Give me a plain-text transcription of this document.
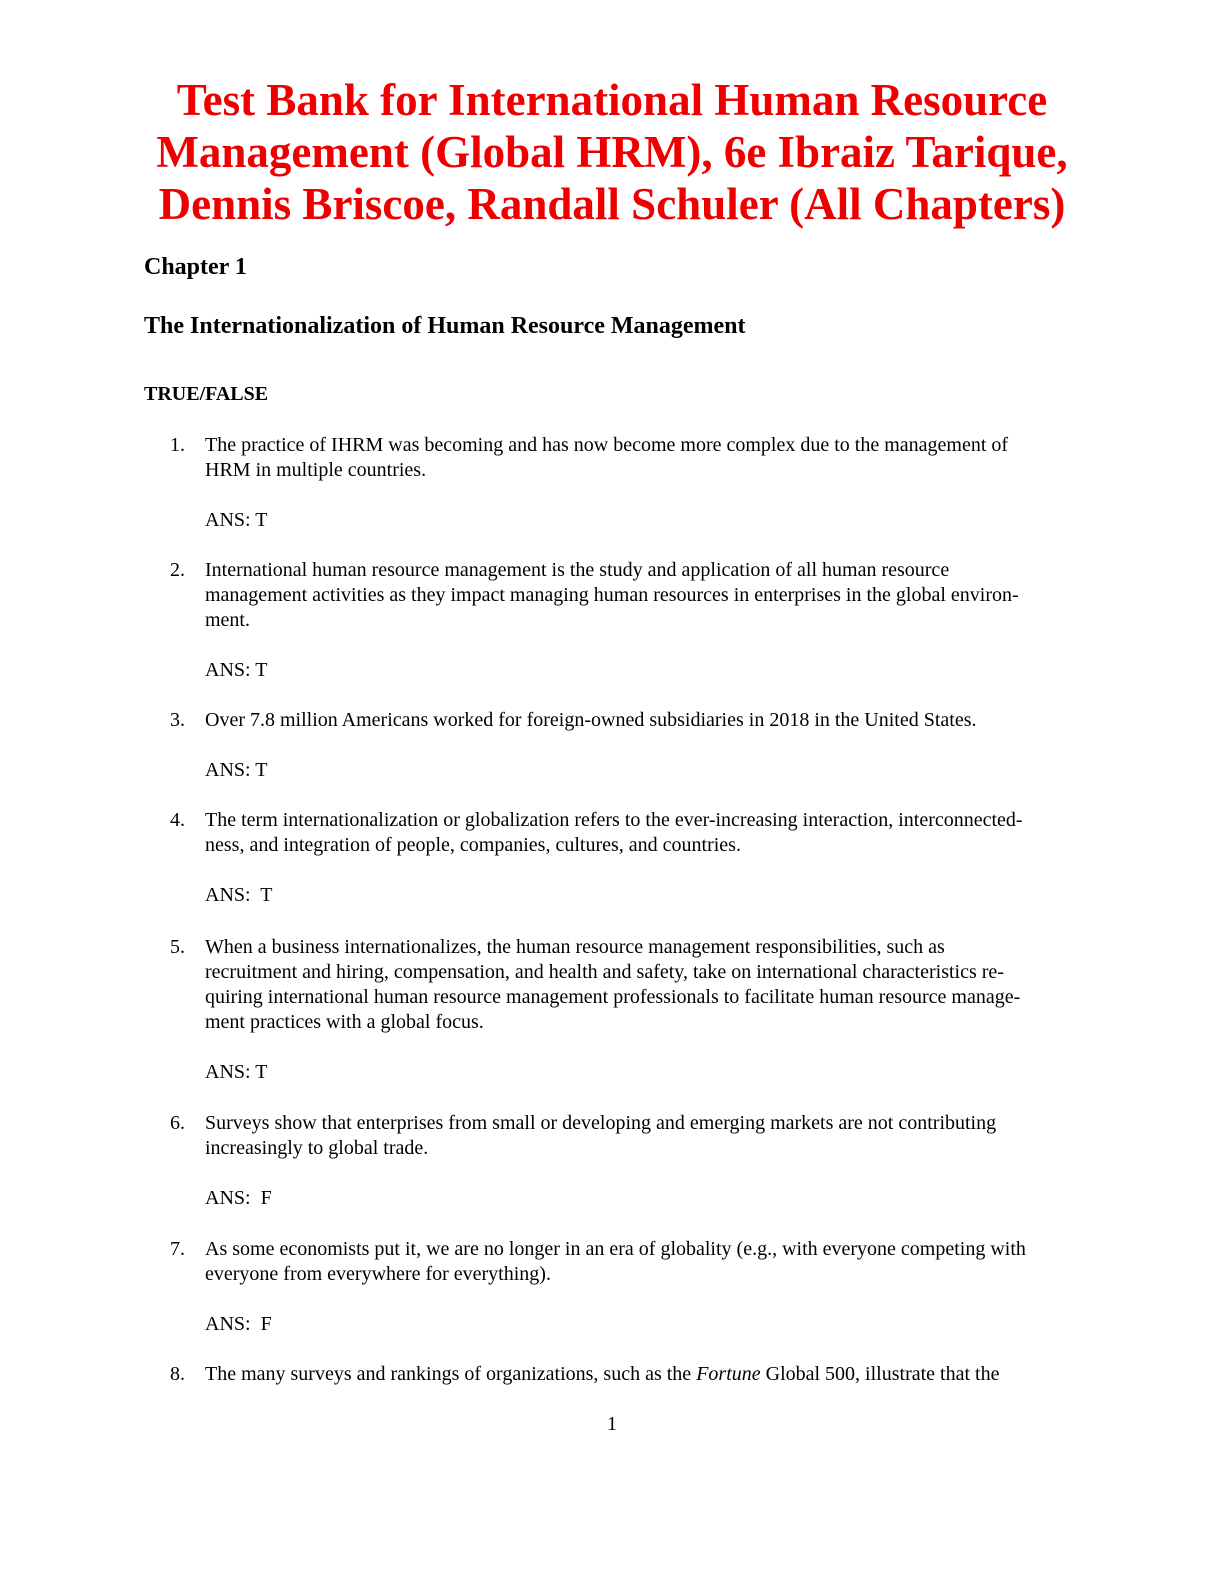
Test Bank for International Human Resource
Management (Global HRM), 6e Ibraiz Tarique,
Dennis Briscoe, Randall Schuler (All Chapters)
Chapter 1
The Internationalization of Human Resource Management
TRUE/FALSE
1. The practice of IHRM was becoming and has now become more complex due to the management of
HRM in multiple countries.
ANS: T
2. International human resource management is the study and application of all human resource
management activities as they impact managing human resources in enterprises in the global environ-
ment.
ANS: T
3. Over 7.8 million Americans worked for foreign-owned subsidiaries in 2018 in the United States.
ANS: T
4. The term internationalization or globalization refers to the ever-increasing interaction, interconnected-
ness, and integration of people, companies, cultures, and countries.
ANS:  T
5. When a business internationalizes, the human resource management responsibilities, such as
recruitment and hiring, compensation, and health and safety, take on international characteristics re-
quiring international human resource management professionals to facilitate human resource manage-
ment practices with a global focus.
ANS: T
6. Surveys show that enterprises from small or developing and emerging markets are not contributing
increasingly to global trade.
ANS:  F
7. As some economists put it, we are no longer in an era of globality (e.g., with everyone competing with
everyone from everywhere for everything).
ANS:  F
8. The many surveys and rankings of organizations, such as the Fortune Global 500, illustrate that the
1
